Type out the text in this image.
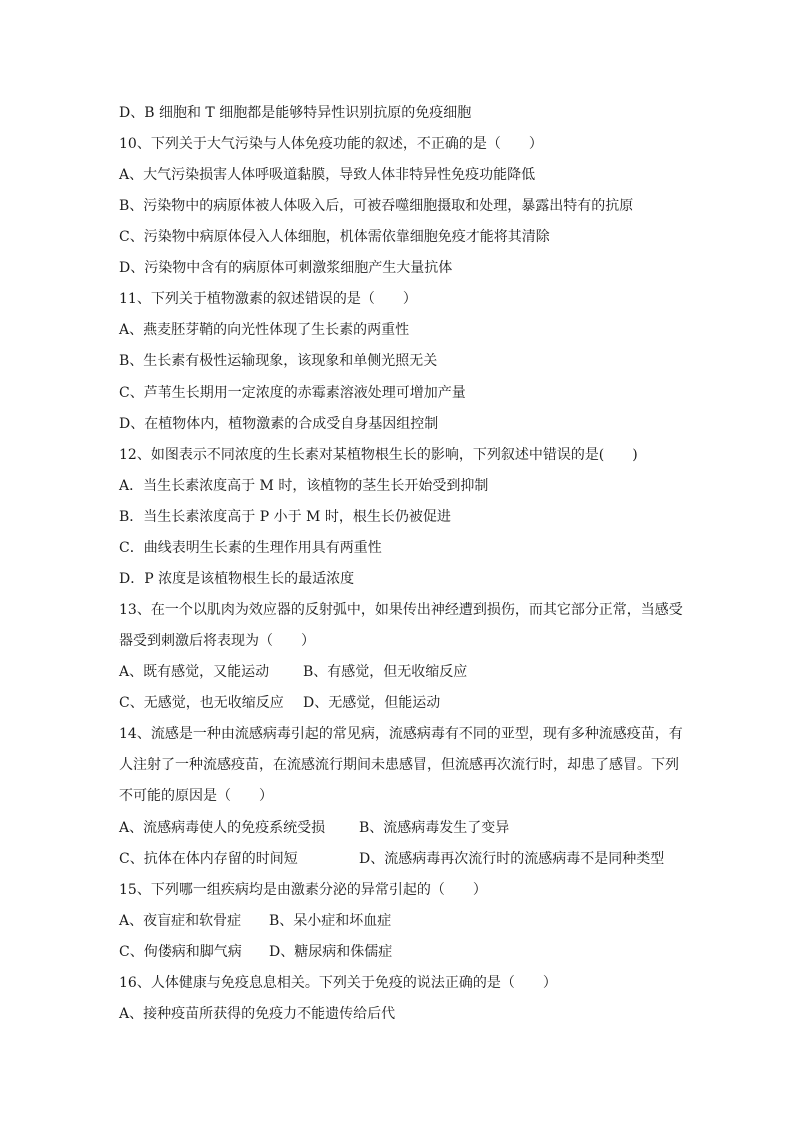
D、B 细胞和 T 细胞都是能够特异性识别抗原的免疫细胞
10、下列关于大气污染与人体免疫功能的叙述，不正确的是（　　）
A、大气污染损害人体呼吸道黏膜，导致人体非特异性免疫功能降低
B、污染物中的病原体被人体吸入后，可被吞噬细胞摄取和处理，暴露出特有的抗原
C、污染物中病原体侵入人体细胞，机体需依靠细胞免疫才能将其清除
D、污染物中含有的病原体可刺激浆细胞产生大量抗体
11、下列关于植物激素的叙述错误的是（　　）
A、燕麦胚芽鞘的向光性体现了生长素的两重性
B、生长素有极性运输现象，该现象和单侧光照无关
C、芦苇生长期用一定浓度的赤霉素溶液处理可增加产量
D、在植物体内，植物激素的合成受自身基因组控制
12、如图表示不同浓度的生长素对某植物根生长的影响，下列叙述中错误的是(　　)
A．当生长素浓度高于 M 时，该植物的茎生长开始受到抑制
B．当生长素浓度高于 P 小于 M 时，根生长仍被促进
C．曲线表明生长素的生理作用具有两重性
D．P 浓度是该植物根生长的最适浓度
13、在一个以肌肉为效应器的反射弧中，如果传出神经遭到损伤，而其它部分正常，当感受
器受到刺激后将表现为（　　）
A、既有感觉，又能运动 B、有感觉，但无收缩反应
C、无感觉，也无收缩反应 D、无感觉，但能运动
14、流感是一种由流感病毒引起的常见病，流感病毒有不同的亚型，现有多种流感疫苗，有
人注射了一种流感疫苗，在流感流行期间未患感冒，但流感再次流行时，却患了感冒。下列
不可能的原因是（　　）
A、流感病毒使人的免疫系统受损 B、流感病毒发生了变异
C、抗体在体内存留的时间短	D、流感病毒再次流行时的流感病毒不是同种类型
15、下列哪一组疾病均是由激素分泌的异常引起的（　　）
A、夜盲症和软骨症 B、呆小症和坏血症
C、佝偻病和脚气病 D、糖尿病和侏儒症
16、人体健康与免疫息息相关。下列关于免疫的说法正确的是（　　）
A、接种疫苗所获得的免疫力不能遗传给后代
